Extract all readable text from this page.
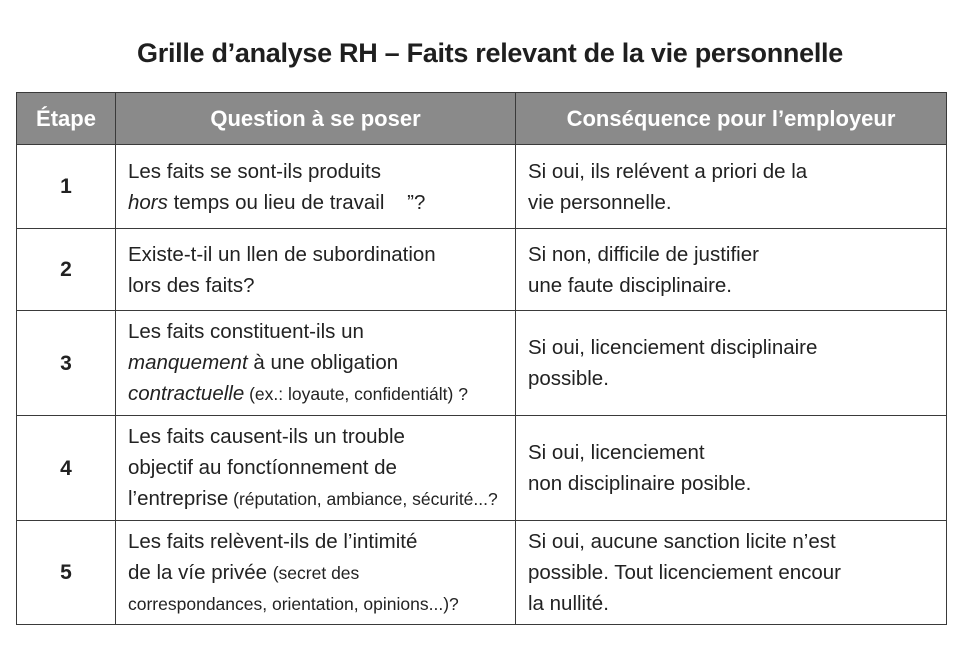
Grille d’analyse RH – Faits relevant de la vie personnelle
Étape	Question à se poser	Conséquence pour l’employeur
1	Les faits se sont-ils produits
hors temps ou lieu de travail    ”?	Si oui, ils relévent a priori de la
vie personnelle.

2	Existe-t-il un llen de subordination
lors des faits?	Si non, difficile de justifier
une faute disciplinaire.

3	Les faits constituent-ils un
manquement à une obligation
contractuelle (ex.: loyaute, confidentiált) ?	Si oui, licenciement disciplinaire
possible.

4	Les faits causent-ils un trouble
objectif au fonctíonnement de
l’entreprise (réputation, ambiance, sécurité...?	Si oui, licenciement
non disciplinaire posible.

5	Les faits relèvent-ils de l’intimité
de la víe privée (secret des
correspondances, orientation, opinions...)?	Si oui, aucune sanction licite n’est
possible. Tout licenciement encour
la nullité.
